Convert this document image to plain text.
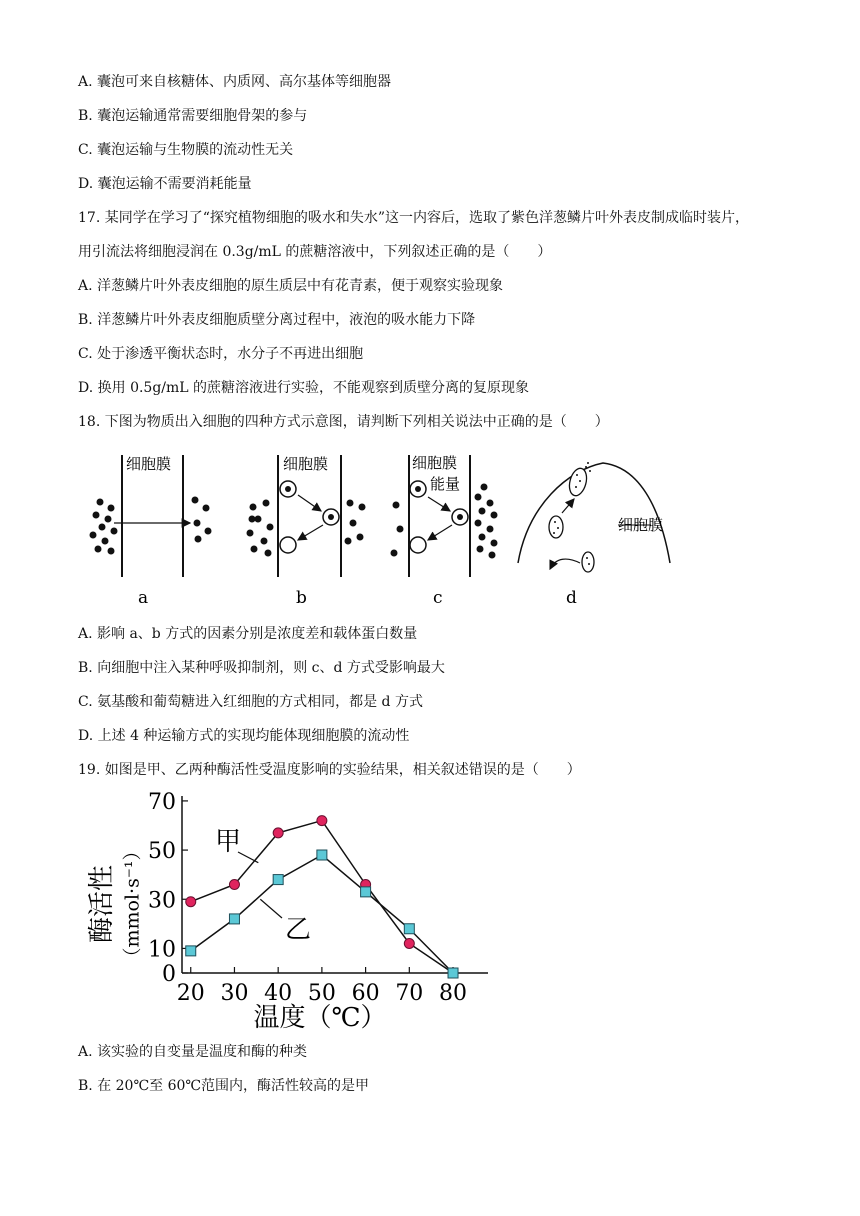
A. 囊泡可来自核糖体、内质网、高尔基体等细胞器
B. 囊泡运输通常需要细胞骨架的参与
C. 囊泡运输与生物膜的流动性无关
D. 囊泡运输不需要消耗能量
17. 某同学在学习了“探究植物细胞的吸水和失水”这一内容后，选取了紫色洋葱鳞片叶外表皮制成临时装片，
用引流法将细胞浸润在 0.3g/mL 的蔗糖溶液中，下列叙述正确的是（　　）
A. 洋葱鳞片叶外表皮细胞的原生质层中有花青素，便于观察实验现象
B. 洋葱鳞片叶外表皮细胞质壁分离过程中，液泡的吸水能力下降
C. 处于渗透平衡状态时，水分子不再进出细胞
D. 换用 0.5g/mL 的蔗糖溶液进行实验，不能观察到质壁分离的复原现象
18. 下图为物质出入细胞的四种方式示意图，请判断下列相关说法中正确的是（　　）
细胞膜
a
细胞膜
b
细胞膜
能量
c
细胞膜
d
A. 影响 a、b 方式的因素分别是浓度差和载体蛋白数量
B. 向细胞中注入某种呼吸抑制剂，则 c、d 方式受影响最大
C. 氨基酸和葡萄糖进入红细胞的方式相同，都是 d 方式
D. 上述 4 种运输方式的实现均能体现细胞膜的流动性
19. 如图是甲、乙两种酶活性受温度影响的实验结果，相关叙述错误的是（　　）
0
10
30
50
70
20 30 40 50 60 70 80
酶活性 （mmol·s⁻¹）
温度（℃）
甲
乙
A. 该实验的自变量是温度和酶的种类
B. 在 20℃至 60℃范围内，酶活性较高的是甲
